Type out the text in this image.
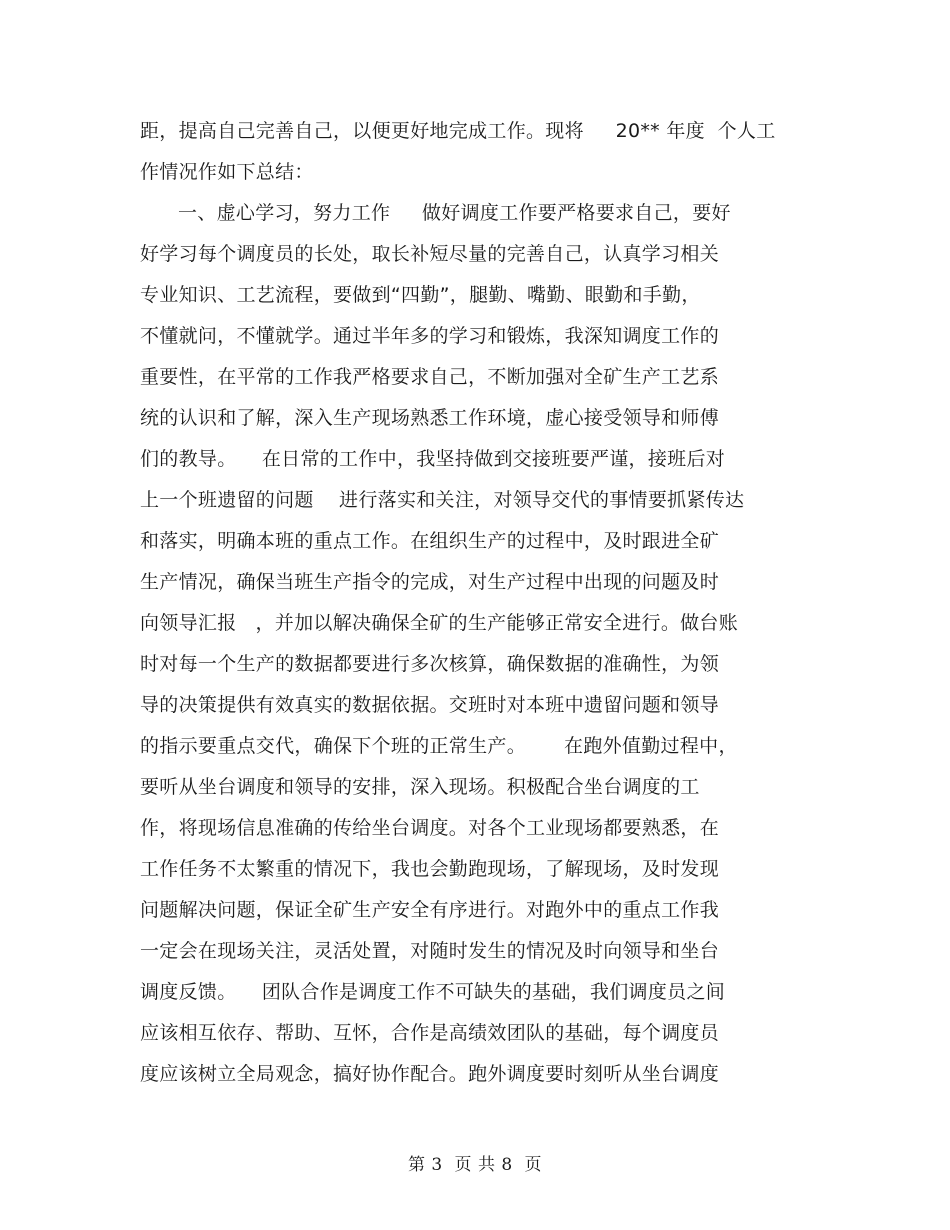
距，提高自己完善自己，以便更好地完成工作。现将     20** 年度  个人工
作情况作如下总结：
一、虚心学习，努力工作     做好调度工作要严格要求自己，要好
好学习每个调度员的长处，取长补短尽量的完善自己，认真学习相关
专业知识、工艺流程，要做到“四勤”，腿勤、嘴勤、眼勤和手勤，
不懂就问，不懂就学。通过半年多的学习和锻炼，我深知调度工作的
重要性，在平常的工作我严格要求自己，不断加强对全矿生产工艺系
统的认识和了解，深入生产现场熟悉工作环境，虚心接受领导和师傅
们的教导。    在日常的工作中，我坚持做到交接班要严谨，接班后对
上一个班遗留的问题    进行落实和关注，对领导交代的事情要抓紧传达
和落实，明确本班的重点工作。在组织生产的过程中，及时跟进全矿
生产情况，确保当班生产指令的完成，对生产过程中出现的问题及时
向领导汇报   ，并加以解决确保全矿的生产能够正常安全进行。做台账
时对每一个生产的数据都要进行多次核算，确保数据的准确性，为领
导的决策提供有效真实的数据依据。交班时对本班中遗留问题和领导
的指示要重点交代，确保下个班的正常生产。      在跑外值勤过程中，
要听从坐台调度和领导的安排，深入现场。积极配合坐台调度的工
作，将现场信息准确的传给坐台调度。对各个工业现场都要熟悉，在
工作任务不太繁重的情况下，我也会勤跑现场，了解现场，及时发现
问题解决问题，保证全矿生产安全有序进行。对跑外中的重点工作我
一定会在现场关注，灵活处置，对随时发生的情况及时向领导和坐台
调度反馈。    团队合作是调度工作不可缺失的基础，我们调度员之间
应该相互依存、帮助、互怀，合作是高绩效团队的基础，每个调度员
度应该树立全局观念，搞好协作配合。跑外调度要时刻听从坐台调度
第 3  页 共 8  页
